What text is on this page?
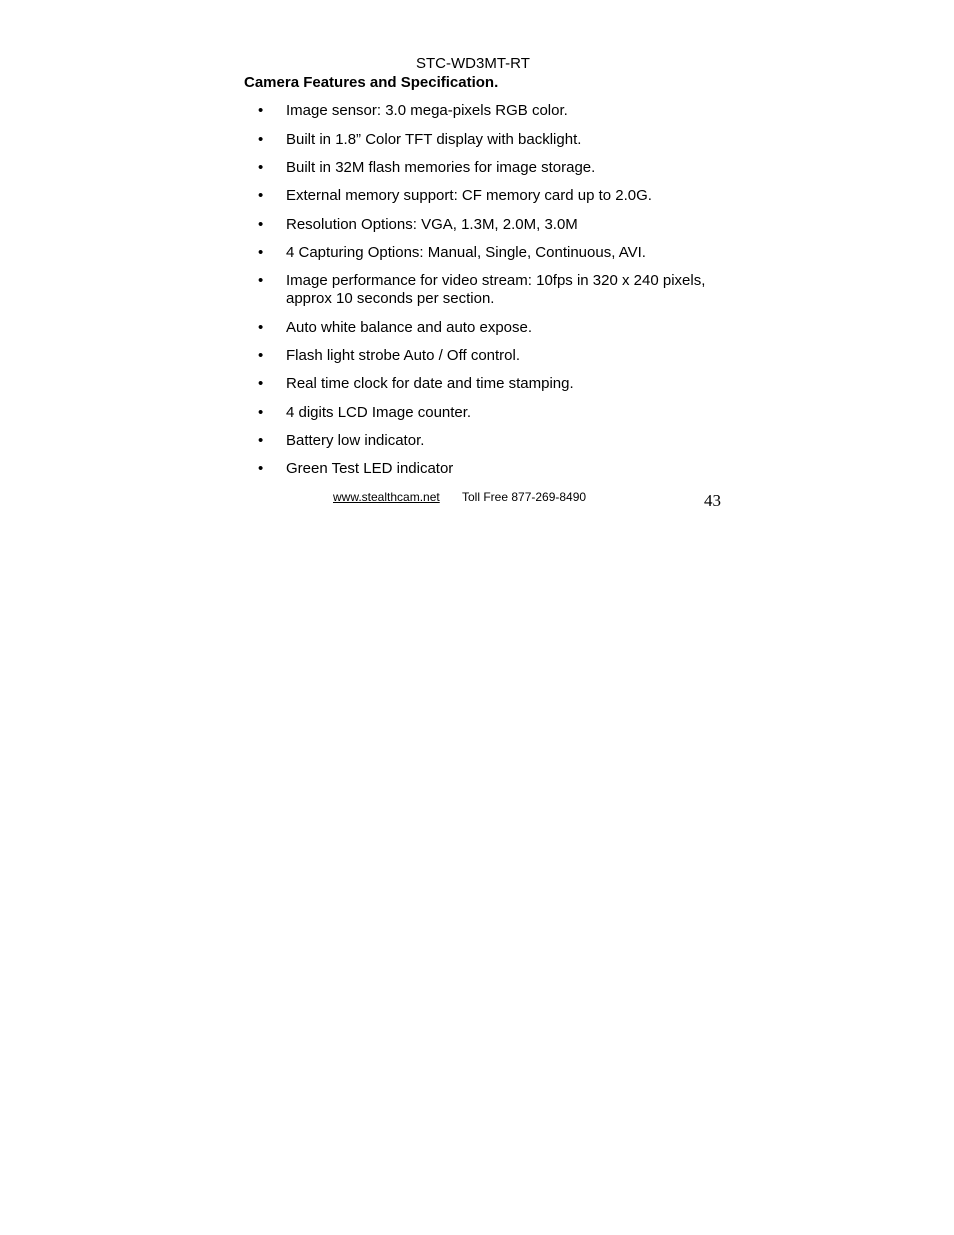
STC-WD3MT-RT
Camera Features and Specification.
• Image sensor: 3.0 mega-pixels RGB color.
• Built in 1.8” Color TFT display with backlight.
• Built in 32M flash memories for image storage.
• External memory support: CF memory card up to 2.0G.
• Resolution Options: VGA, 1.3M, 2.0M, 3.0M
• 4 Capturing Options: Manual, Single, Continuous, AVI.
• Image performance for video stream: 10fps in 320 x 240 pixels, approx 10 seconds per section.
• Auto white balance and auto expose.
• Flash light strobe Auto / Off control.
• Real time clock for date and time stamping.
• 4 digits LCD Image counter.
• Battery low indicator.
• Green Test LED indicator
www.stealthcam.net Toll Free 877-269-8490	43
